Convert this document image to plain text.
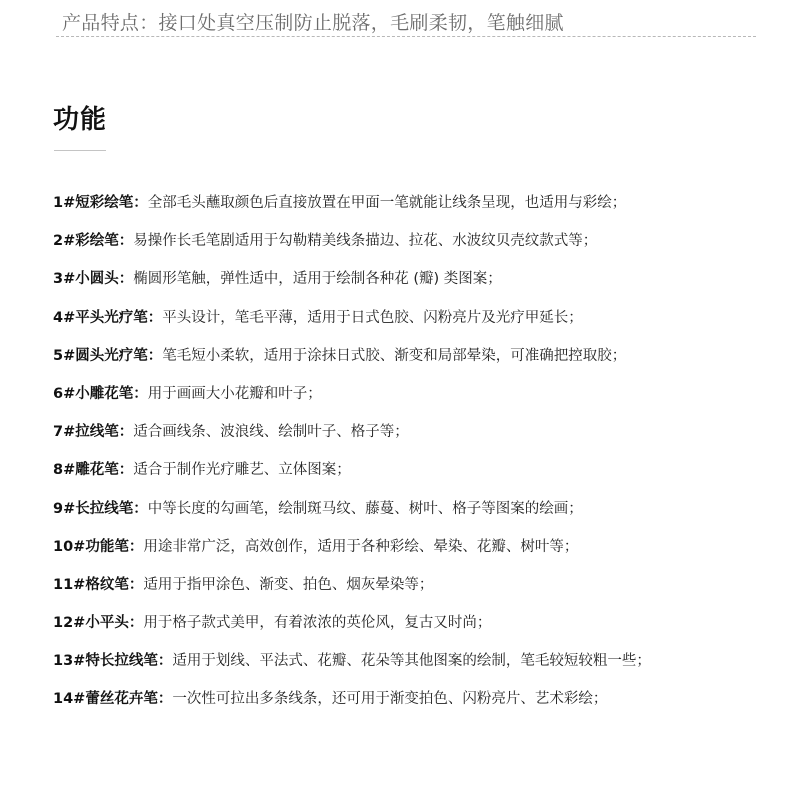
产品特点：接口处真空压制防止脱落，毛刷柔韧，笔触细腻
功能
1#短彩绘笔：全部毛头蘸取颜色后直接放置在甲面一笔就能让线条呈现，也适用与彩绘；
2#彩绘笔：易操作长毛笔剧适用于勾勒精美线条描边、拉花、水波纹贝壳纹款式等；
3#小圆头：椭圆形笔触，弹性适中，适用于绘制各种花 (瓣) 类图案；
4#平头光疗笔：平头设计，笔毛平薄，适用于日式色胶、闪粉亮片及光疗甲延长；
5#圆头光疗笔：笔毛短小柔软，适用于涂抹日式胶、渐变和局部晕染，可准确把控取胶；
6#小雕花笔：用于画画大小花瓣和叶子；
7#拉线笔：适合画线条、波浪线、绘制叶子、格子等；
8#雕花笔：适合于制作光疗雕艺、立体图案；
9#长拉线笔：中等长度的勾画笔，绘制斑马纹、藤蔓、树叶、格子等图案的绘画；
10#功能笔：用途非常广泛，高效创作，适用于各种彩绘、晕染、花瓣、树叶等；
11#格纹笔：适用于指甲涂色、渐变、拍色、烟灰晕染等；
12#小平头：用于格子款式美甲，有着浓浓的英伦风，复古又时尚；
13#特长拉线笔：适用于划线、平法式、花瓣、花朵等其他图案的绘制，笔毛较短较粗一些；
14#蕾丝花卉笔：一次性可拉出多条线条，还可用于渐变拍色、闪粉亮片、艺术彩绘；
